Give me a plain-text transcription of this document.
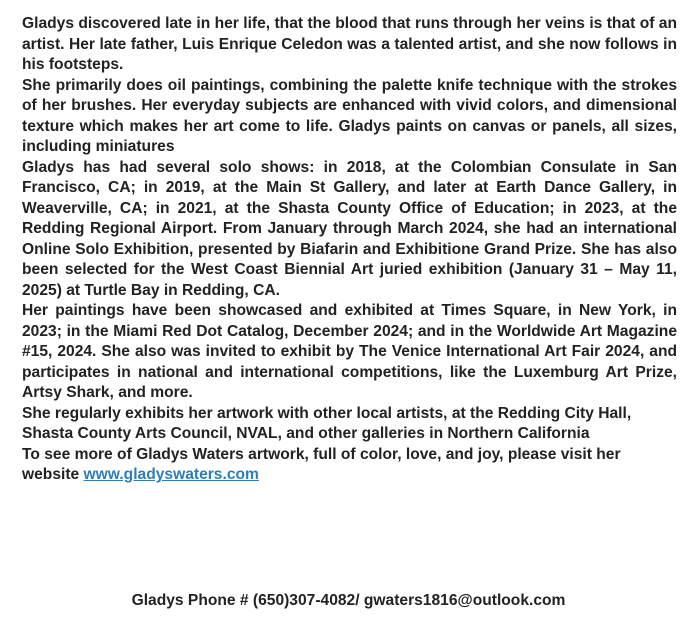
Gladys discovered late in her life, that the blood that runs through her veins is that of an artist. Her late father, Luis Enrique Celedon was a talented artist, and she now follows in his footsteps.

She primarily does oil paintings, combining the palette knife technique with the strokes of her brushes. Her everyday subjects are enhanced with vivid colors, and dimensional texture which makes her art come to life. Gladys paints on canvas or panels, all sizes, including miniatures

Gladys has had several solo shows: in 2018, at the Colombian Consulate in San Francisco, CA; in 2019, at the Main St Gallery, and later at Earth Dance Gallery, in Weaverville, CA; in 2021, at the Shasta County Office of Education; in 2023, at the Redding Regional Airport. From January through March 2024, she had an international Online Solo Exhibition, presented by Biafarin and Exhibitione Grand Prize. She has also been selected for the West Coast Biennial Art juried exhibition (January 31 – May 11, 2025) at Turtle Bay in Redding, CA.

Her paintings have been showcased and exhibited at Times Square, in New York, in 2023; in the Miami Red Dot Catalog, December 2024; and in the Worldwide Art Magazine #15, 2024. She also was invited to exhibit by The Venice International Art Fair 2024, and participates in national and international competitions, like the Luxemburg Art Prize, Artsy Shark, and more.

She regularly exhibits her artwork with other local artists, at the Redding City Hall, Shasta County Arts Council, NVAL, and other galleries in Northern California

To see more of Gladys Waters artwork, full of color, love, and joy, please visit her website www.gladyswaters.com

Gladys Phone # (650)307-4082/ gwaters1816@outlook.com
